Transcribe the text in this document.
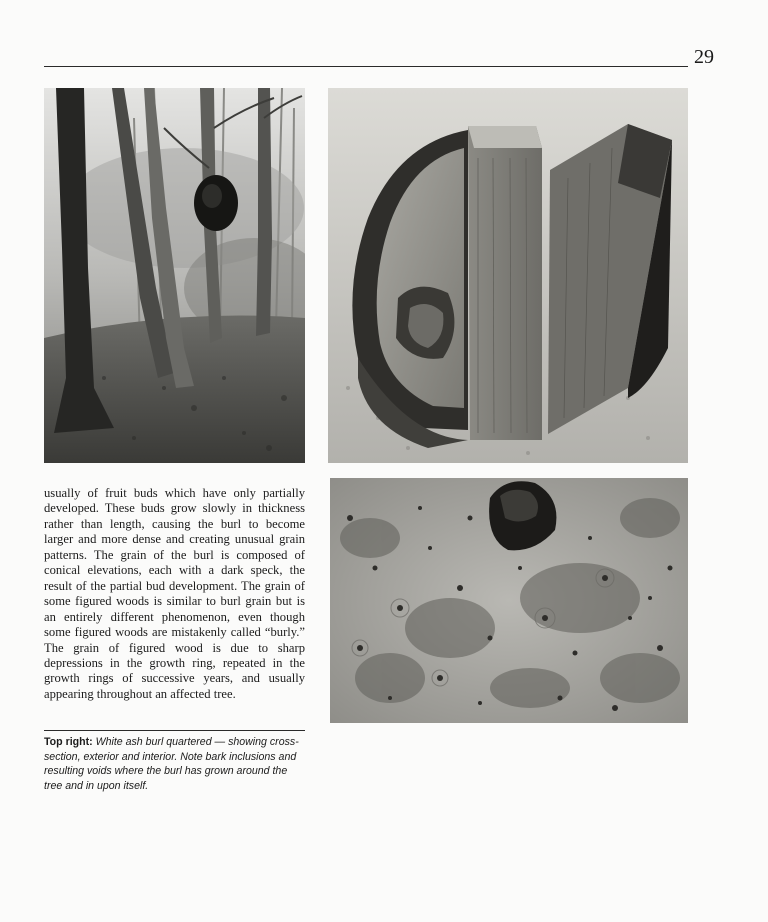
29
usually of fruit buds which have only partially developed. These buds grow slowly in thickness rather than length, causing the burl to become larger and more dense and creating unusual grain patterns. The grain of the burl is composed of conical elevations, each with a dark speck, the result of the partial bud development. The grain of some figured woods is similar to burl grain but is an entirely different phenomenon, even though some figured woods are mistakenly called “burly.” The grain of figured wood is due to sharp depressions in the growth ring, repeated in the growth rings of successive years, and usually appearing throughout an affected tree.
Top right: White ash burl quartered — showing cross-section, exterior and interior. Note bark inclusions and resulting voids where the burl has grown around the tree and in upon itself.
